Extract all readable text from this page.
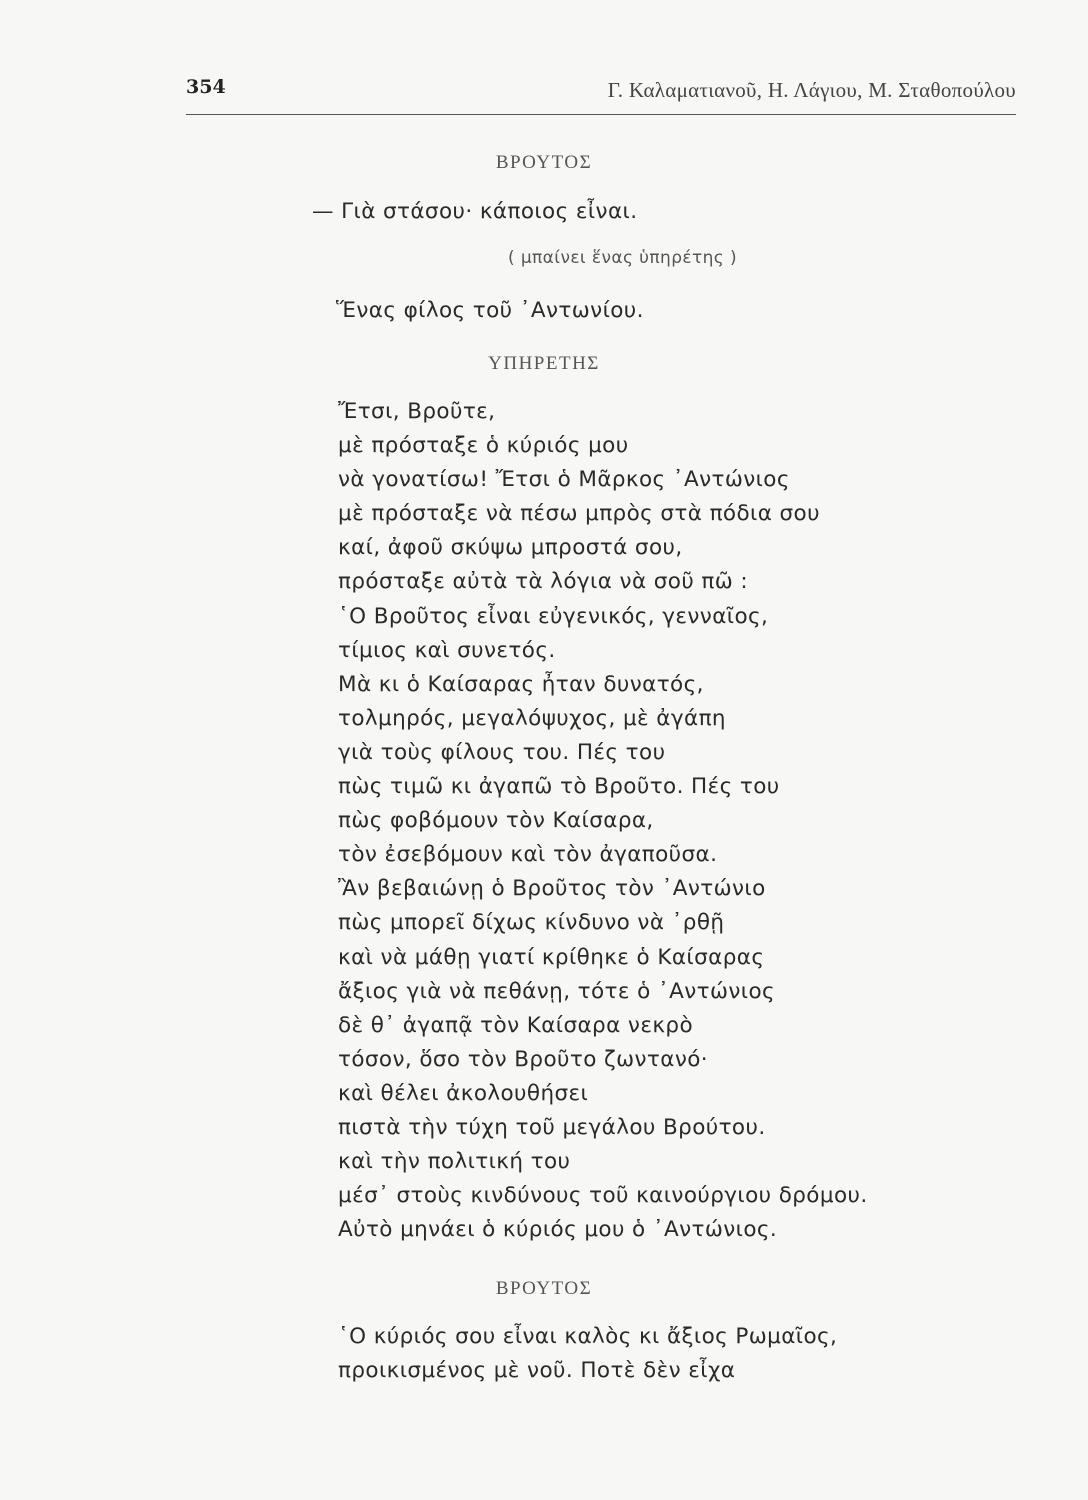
354	Γ. Καλαματιανοῦ, Η. Λάγιου, Μ. Σταθοπούλου
ΒΡΟΥΤΟΣ
— Γιὰ στάσου· κάποιος εἶναι.
( μπαίνει ἕνας ὑπηρέτης )
Ἕνας φίλος τοῦ ᾽Αντωνίου.
ΥΠΗΡΕΤΗΣ
Ἔτσι, Βροῦτε,
μὲ πρόσταξε ὁ κύριός μου
νὰ γονατίσω! Ἔτσι ὁ Μᾶρκος ᾽Αντώνιος
μὲ πρόσταξε νὰ πέσω μπρὸς στὰ πόδια σου
καί, ἀφοῦ σκύψω μπροστά σου,
πρόσταξε αὐτὰ τὰ λόγια νὰ σοῦ πῶ :
῾Ο Βροῦτος εἶναι εὐγενικός, γενναῖος,
τίμιος καὶ συνετός.
Μὰ κι ὁ Καίσαρας ἦταν δυνατός,
τολμηρός, μεγαλόψυχος, μὲ ἀγάπη
γιὰ τοὺς φίλους του. Πές του
πὼς τιμῶ κι ἀγαπῶ τὸ Βροῦτο. Πές του
πὼς φοβόμουν τὸν Καίσαρα,
τὸν ἐσεβόμουν καὶ τὸν ἀγαποῦσα.
Ἂν βεβαιώνῃ ὁ Βροῦτος τὸν ᾽Αντώνιο
πὼς μπορεῖ δίχως κίνδυνο νὰ ᾽ρθῇ
καὶ νὰ μάθῃ γιατί κρίθηκε ὁ Καίσαρας
ἄξιος γιὰ νὰ πεθάνῃ, τότε ὁ ᾽Αντώνιος
δὲ θ᾽ ἀγαπᾷ τὸν Καίσαρα νεκρὸ
τόσον, ὅσο τὸν Βροῦτο ζωντανό·
καὶ θέλει ἀκολουθήσει
πιστὰ τὴν τύχη τοῦ μεγάλου Βρούτου.
καὶ τὴν πολιτική του
μέσ᾽ στοὺς κινδύνους τοῦ καινούργιου δρόμου.
Αὐτὸ μηνάει ὁ κύριός μου ὁ ᾽Αντώνιος.
ΒΡΟΥΤΟΣ
῾Ο κύριός σου εἶναι καλὸς κι ἄξιος Ρωμαῖος,
προικισμένος μὲ νοῦ. Ποτὲ δὲν εἶχα
